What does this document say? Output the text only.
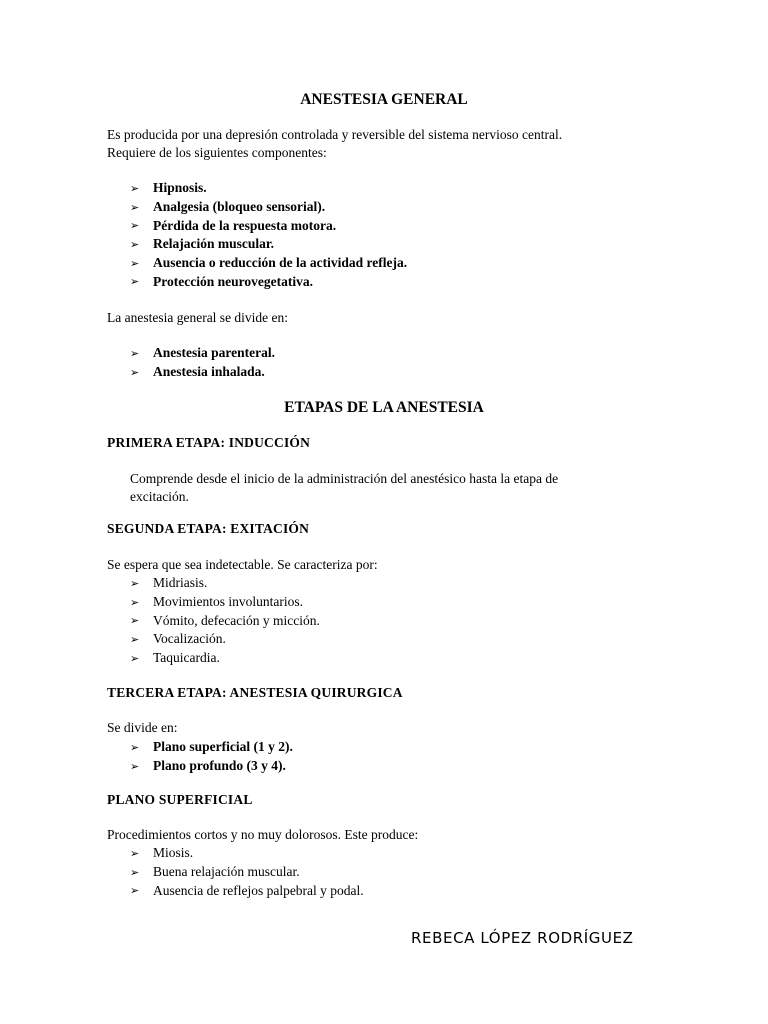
ANESTESIA GENERAL
Es producida por una depresión controlada y reversible del sistema nervioso central.
Requiere de los siguientes componentes:
➢	Hipnosis.
➢	Analgesia (bloqueo sensorial).
➢	Pérdida de la respuesta motora.
➢	Relajación muscular.
➢	Ausencia o reducción de la actividad refleja.
➢	Protección neurovegetativa.
La anestesia general se divide en:
➢	Anestesia parenteral.
➢	Anestesia inhalada.
ETAPAS DE LA ANESTESIA
PRIMERA ETAPA: INDUCCIÓN
Comprende desde el inicio de la administración del anestésico hasta la etapa de
excitación.
SEGUNDA ETAPA: EXITACIÓN
Se espera que sea indetectable. Se caracteriza por:
➢	Midriasis.
➢	Movimientos involuntarios.
➢	Vómito, defecación y micción.
➢	Vocalización.
➢	Taquicardia.
TERCERA ETAPA: ANESTESIA QUIRURGICA
Se divide en:
➢	Plano superficial (1 y 2).
➢	Plano profundo (3 y 4).
PLANO SUPERFICIAL
Procedimientos cortos y no muy dolorosos. Este produce:
➢	Miosis.
➢	Buena relajación muscular.
➢	Ausencia de reflejos palpebral y podal.
REBECA LÓPEZ RODRÍGUEZ
